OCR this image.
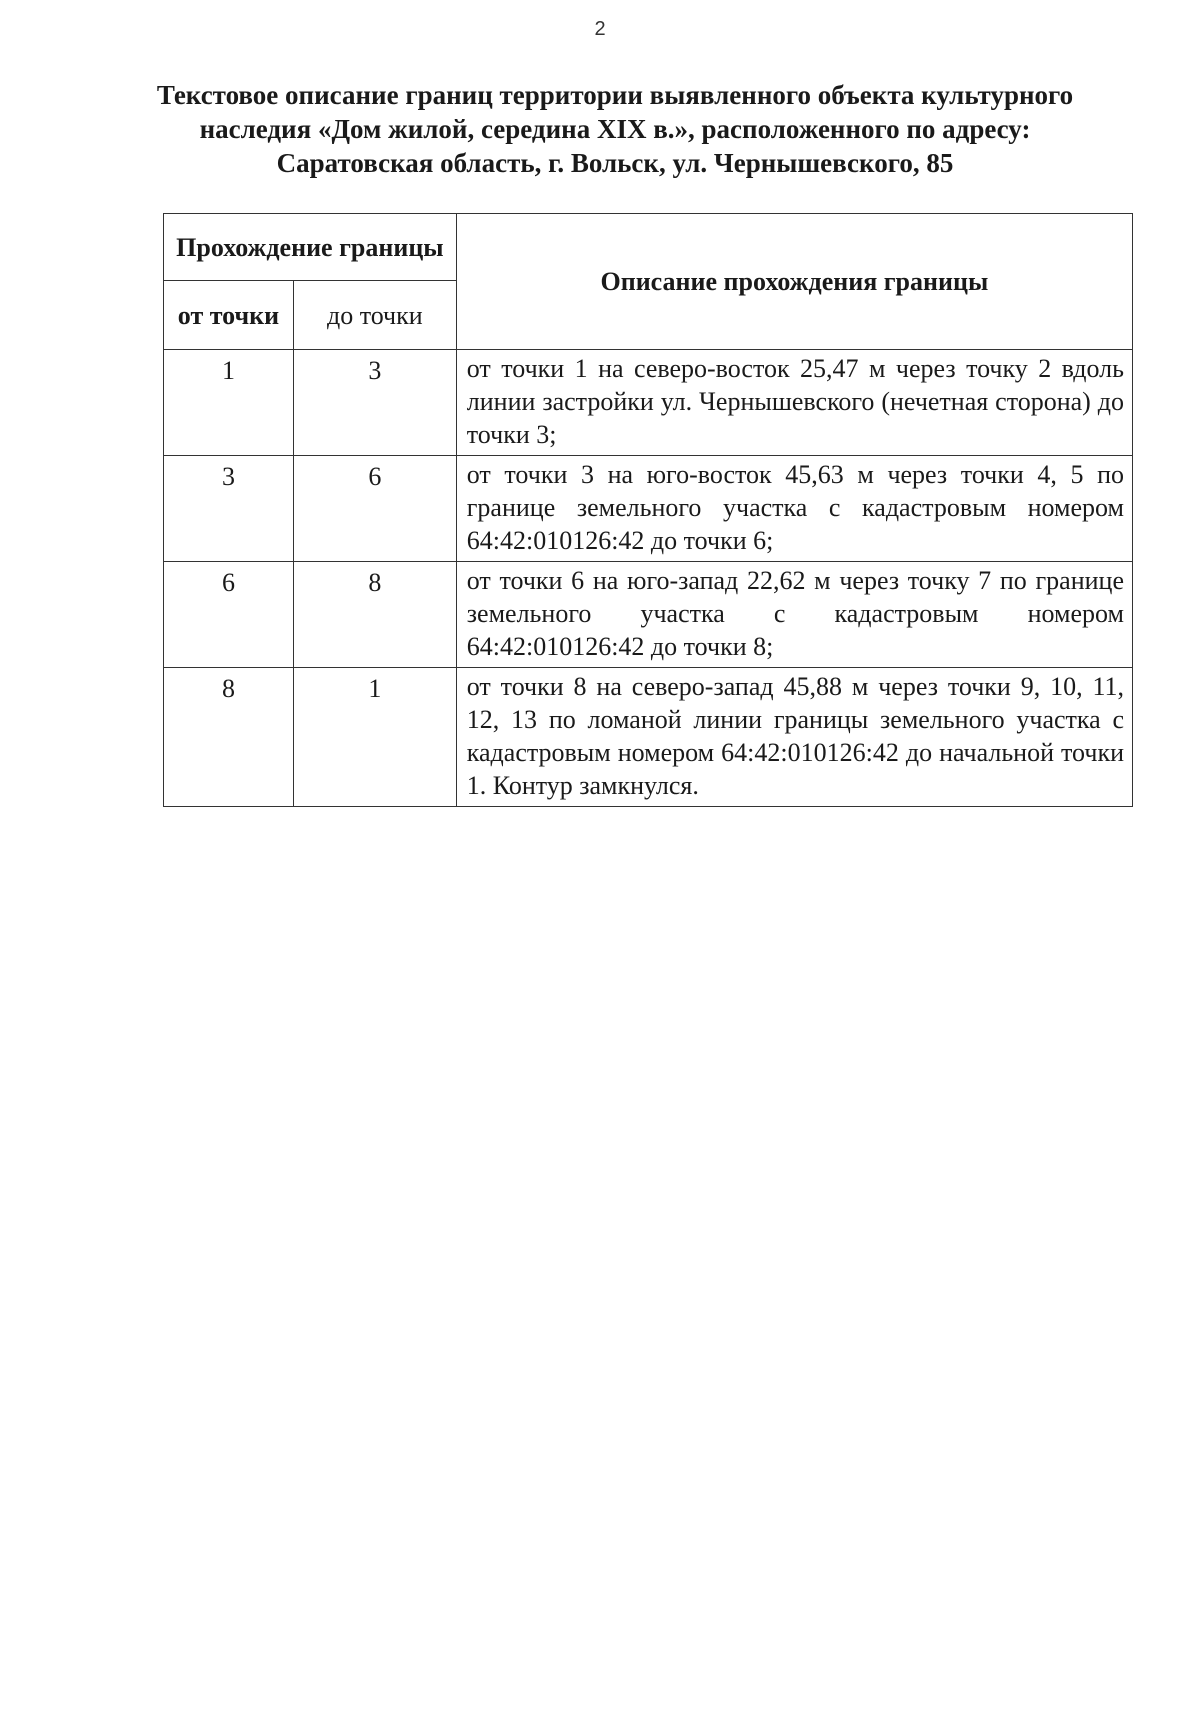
2
Текстовое описание границ территории выявленного объекта культурного наследия «Дом жилой, середина XIX в.», расположенного по адресу: Саратовская область, г. Вольск, ул. Чернышевского, 85
Прохождение границы		Описание прохождения границы
от точки	до точки	
1	3	от точки 1 на северо-восток 25,47 м через точку 2 вдоль линии застройки ул. Чернышевского (нечетная сторона) до точки 3;
3	6	от точки 3 на юго-восток 45,63 м через точки 4, 5 по границе земельного участка с кадастровым номером 64:42:010126:42 до точки 6;
6	8	от точки 6 на юго-запад 22,62 м через точку 7 по границе земельного участка с кадастровым номером 64:42:010126:42 до точки 8;
8	1	от точки 8 на северо-запад 45,88 м через точки 9, 10, 11, 12, 13 по ломаной линии границы земельного участка с кадастровым номером 64:42:010126:42 до начальной точки 1. Контур замкнулся.
